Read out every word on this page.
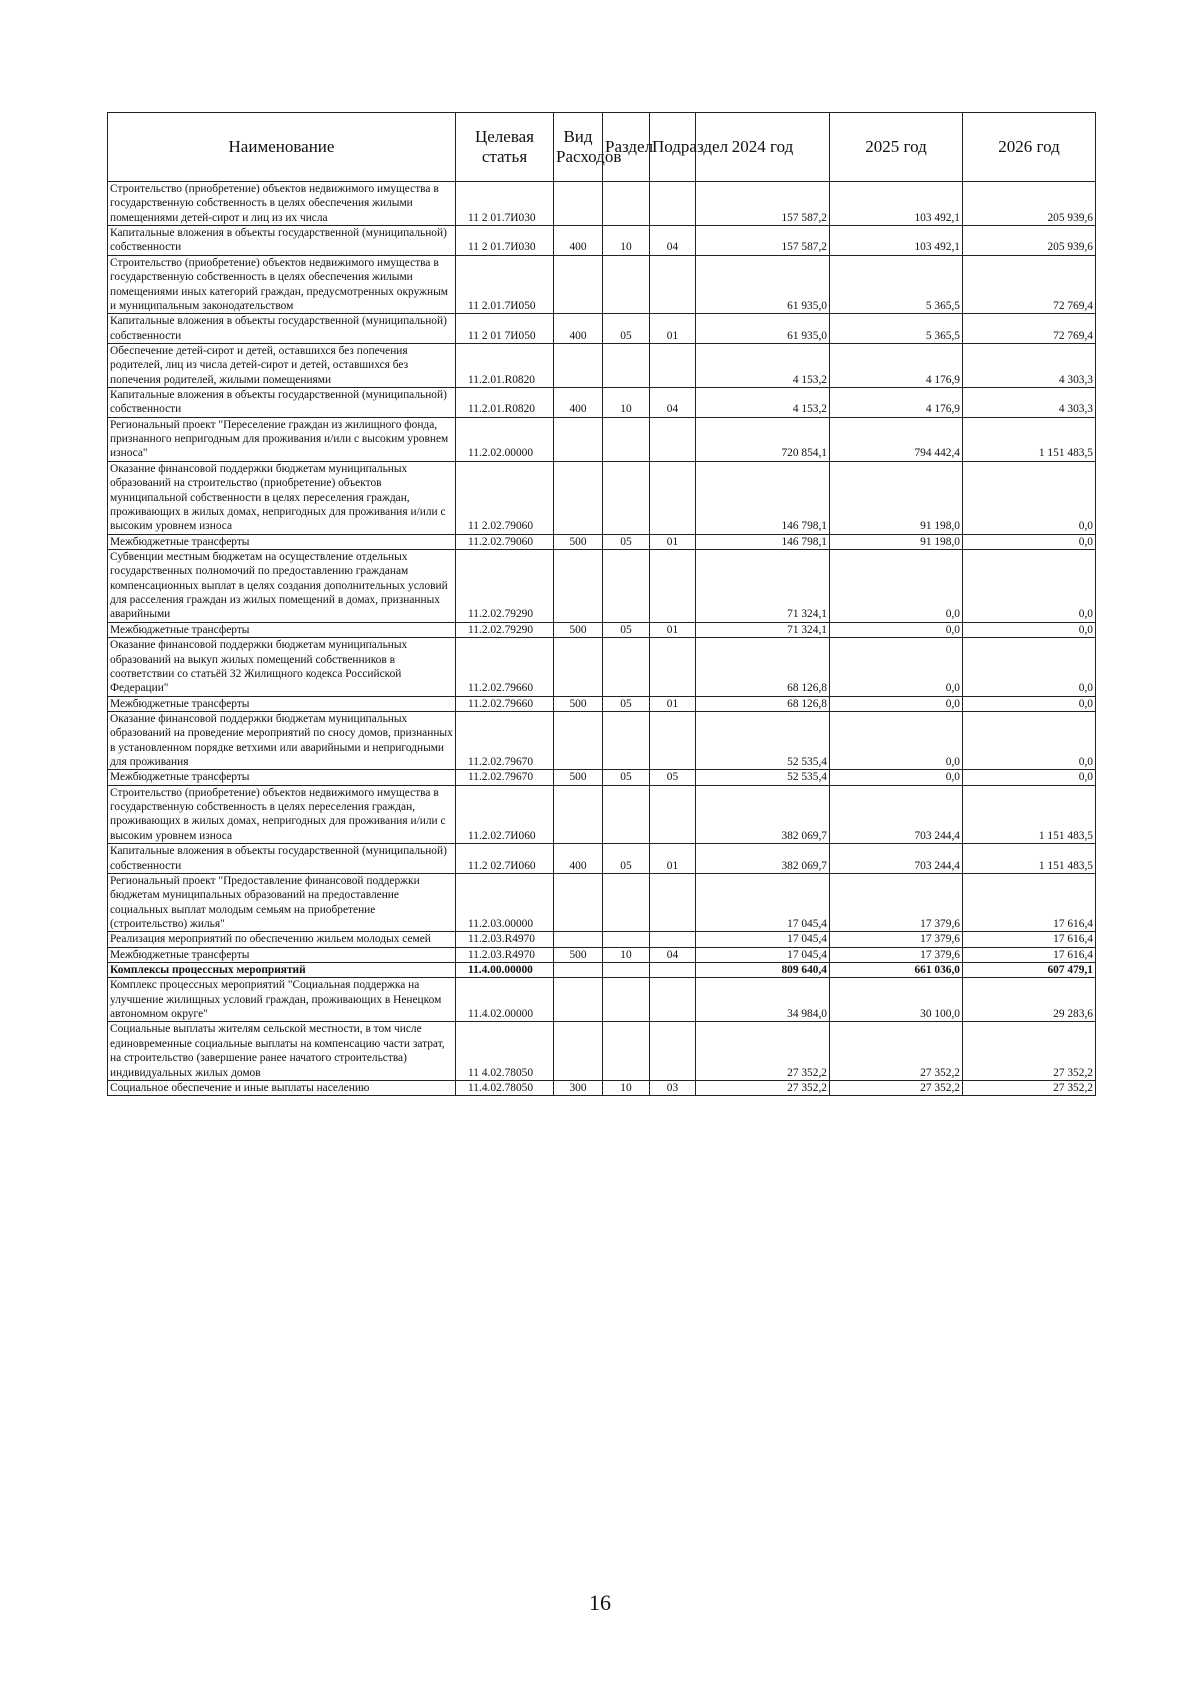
Наименование	Целевая статья	Вид Расходов	Раздел	Подраздел	2024 год	2025 год	2026 год
Строительство (приобретение) объектов недвижимого имущества в государственную собственность в целях обеспечения жилыми помещениями детей-сирот и лиц из их числа	11 2 01.7И030				157 587,2	103 492,1	205 939,6
Капитальные вложения в объекты государственной (муниципальной) собственности	11 2 01.7И030	400	10	04	157 587,2	103 492,1	205 939,6
Строительство (приобретение) объектов недвижимого имущества в государственную собственность в целях обеспечения жилыми помещениями иных категорий граждан, предусмотренных окружным и муниципальным законодательством	11 2.01.7И050				61 935,0	5 365,5	72 769,4
Капитальные вложения в объекты государственной (муниципальной) собственности	11 2 01 7И050	400	05	01	61 935,0	5 365,5	72 769,4
Обеспечение детей-сирот и детей, оставшихся без попечения родителей, лиц из числа детей-сирот и детей, оставшихся без попечения родителей, жилыми помещениями	11.2.01.R0820				4 153,2	4 176,9	4 303,3
Капитальные вложения в объекты государственной (муниципальной) собственности	11.2.01.R0820	400	10	04	4 153,2	4 176,9	4 303,3
Региональный проект "Переселение граждан из жилищного фонда, признанного непригодным для проживания и/или с высоким уровнем износа"	11.2.02.00000				720 854,1	794 442,4	1 151 483,5
Оказание финансовой поддержки бюджетам муниципальных образований на строительство (приобретение) объектов муниципальной собственности в целях переселения граждан, проживающих в жилых домах, непригодных для проживания и/или с высоким уровнем износа	11 2.02.79060				146 798,1	91 198,0	0,0
Межбюджетные трансферты	11.2.02.79060	500	05	01	146 798,1	91 198,0	0,0
Субвенции местным бюджетам на осуществление отдельных государственных полномочий по предоставлению гражданам компенсационных выплат в целях создания дополнительных условий для расселения граждан из жилых помещений в домах, признанных аварийными	11.2.02.79290				71 324,1	0,0	0,0
Межбюджетные трансферты	11.2.02.79290	500	05	01	71 324,1	0,0	0,0
Оказание финансовой поддержки бюджетам муниципальных образований на выкуп жилых помещений собственников в соответствии со статьёй 32 Жилищного кодекса Российской Федерации"	11.2.02.79660				68 126,8	0,0	0,0
Межбюджетные трансферты	11.2.02.79660	500	05	01	68 126,8	0,0	0,0
Оказание финансовой поддержки бюджетам муниципальных образований на проведение мероприятий по сносу домов, признанных в установленном порядке ветхими или аварийными и непригодными для проживания	11.2.02.79670				52 535,4	0,0	0,0
Межбюджетные трансферты	11.2.02.79670	500	05	05	52 535,4	0,0	0,0
Строительство (приобретение) объектов недвижимого имущества в государственную собственность в целях переселения граждан, проживающих в жилых домах, непригодных для проживания и/или с высоким уровнем износа	11.2.02.7И060				382 069,7	703 244,4	1 151 483,5
Капитальные вложения в объекты государственной (муниципальной) собственности	11.2 02.7И060	400	05	01	382 069,7	703 244,4	1 151 483,5
Региональный проект "Предоставление финансовой поддержки бюджетам муниципальных образований на предоставление социальных выплат молодым семьям на приобретение (строительство) жилья"	11.2.03.00000				17 045,4	17 379,6	17 616,4
Реализация мероприятий по обеспечению жильем молодых семей	11.2.03.R4970				17 045,4	17 379,6	17 616,4
Межбюджетные трансферты	11.2.03.R4970	500	10	04	17 045,4	17 379,6	17 616,4
Комплексы процессных мероприятий	11.4.00.00000				809 640,4	661 036,0	607 479,1
Комплекс процессных мероприятий "Социальная поддержка на улучшение жилищных условий граждан, проживающих в Ненецком автономном округе"	11.4.02.00000				34 984,0	30 100,0	29 283,6
Социальные выплаты жителям сельской местности, в том числе единовременные социальные выплаты на компенсацию части затрат, на строительство (завершение ранее начатого строительства) индивидуальных жилых домов	11 4.02.78050				27 352,2	27 352,2	27 352,2
Социальное обеспечение и иные выплаты населению	11.4.02.78050	300	10	03	27 352,2	27 352,2	27 352,2
16
